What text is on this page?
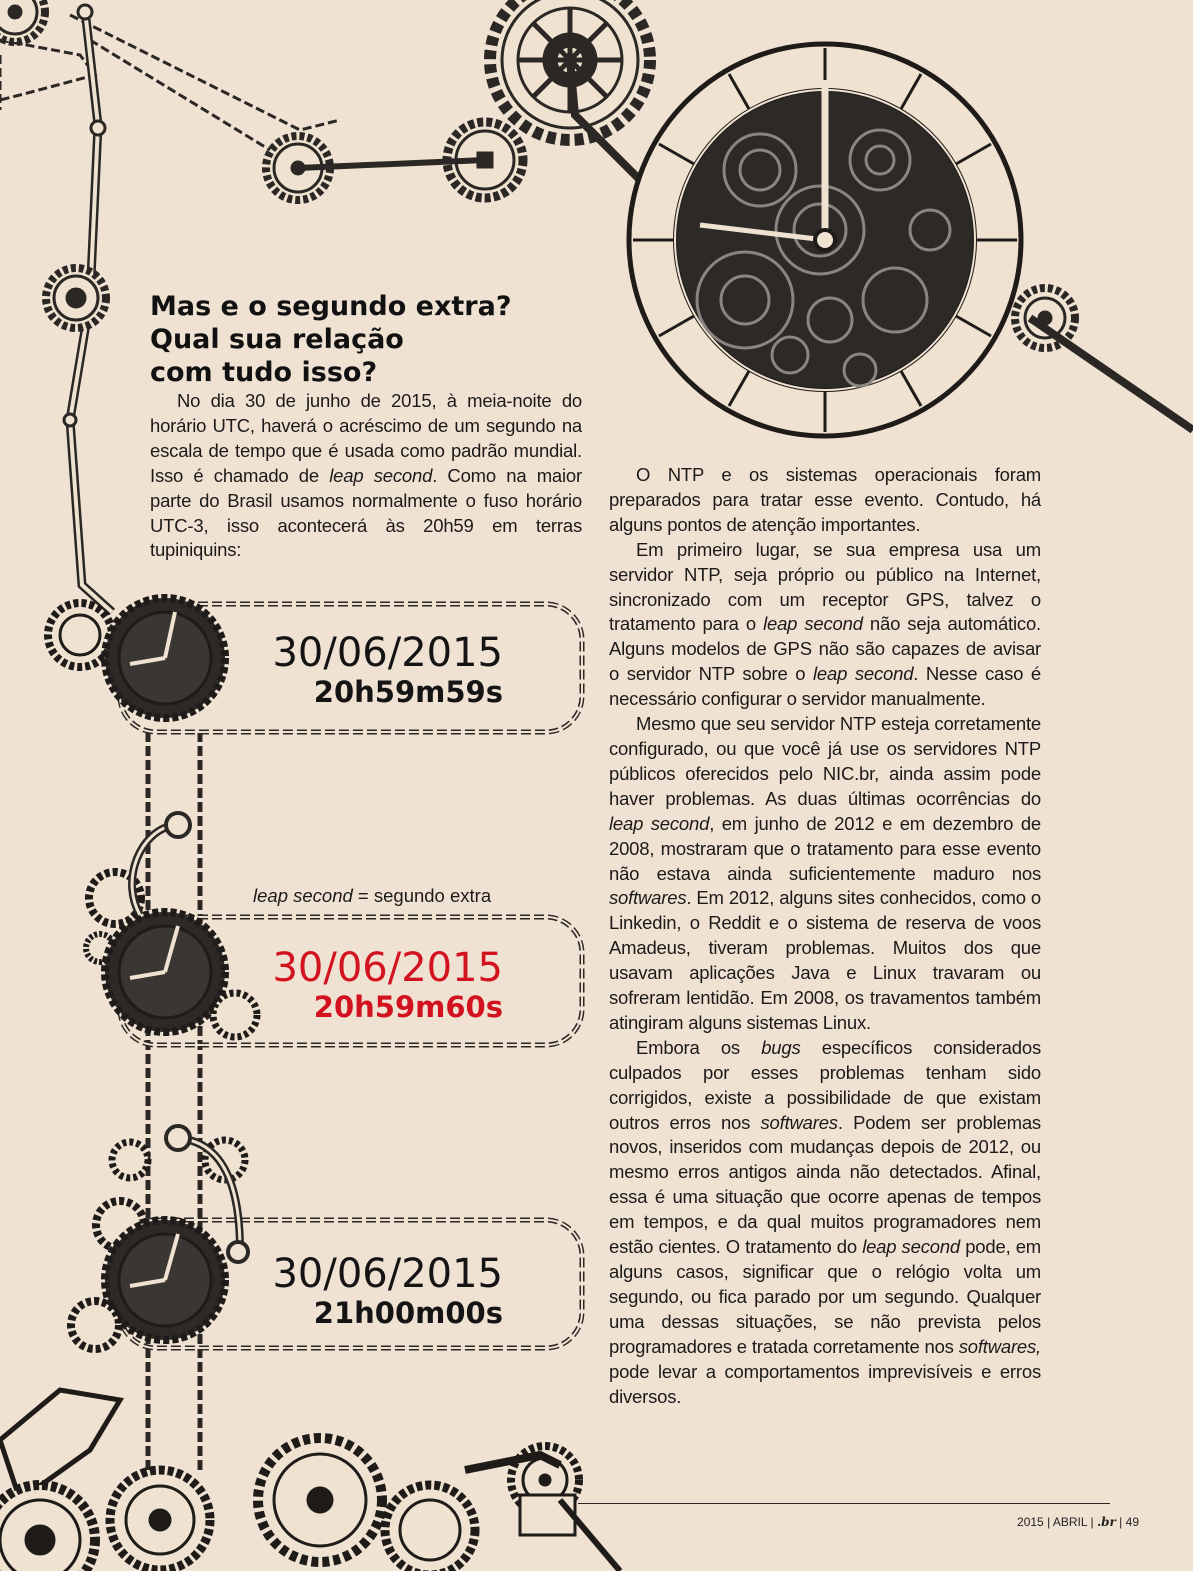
Mas e o segundo extra?
Qual sua relação
com tudo isso?

No dia 30 de junho de 2015, à meia-noite do horário UTC, haverá o acréscimo de um segundo na escala de tempo que é usada como padrão mundial. Isso é chamado de leap second. Como na maior parte do Brasil usamos normalmente o fuso horário UTC-3, isso acontecerá às 20h59 em terras tupiniquins:

30/06/2015
20h59m59s
leap second = segundo extra
30/06/2015
20h59m60s
30/06/2015
21h00m00s

O NTP e os sistemas operacionais foram preparados para tratar esse evento. Contudo, há alguns pontos de atenção importantes.

Em primeiro lugar, se sua empresa usa um servidor NTP, seja próprio ou público na Internet, sincronizado com um receptor GPS, talvez o tratamento para o leap second não seja automático. Alguns modelos de GPS não são capazes de avisar o servidor NTP sobre o leap second. Nesse caso é necessário configurar o servidor manualmente.

Mesmo que seu servidor NTP esteja corretamente configurado, ou que você já use os servidores NTP públicos oferecidos pelo NIC.br, ainda assim pode haver problemas. As duas últimas ocorrências do leap second, em junho de 2012 e em dezembro de 2008, mostraram que o tratamento para esse evento não estava ainda suficientemente maduro nos softwares. Em 2012, alguns sites conhecidos, como o Linkedin, o Reddit e o sistema de reserva de voos Amadeus, tiveram problemas. Muitos dos que usavam aplicações Java e Linux travaram ou sofreram lentidão. Em 2008, os travamentos também atingiram alguns sistemas Linux.

Embora os bugs específicos considerados culpados por esses problemas tenham sido corrigidos, existe a possibilidade de que existam outros erros nos softwares. Podem ser problemas novos, inseridos com mudanças depois de 2012, ou mesmo erros antigos ainda não detectados. Afinal, essa é uma situação que ocorre apenas de tempos em tempos, e da qual muitos programadores nem estão cientes. O tratamento do leap second pode, em alguns casos, significar que o relógio volta um segundo, ou fica parado por um segundo. Qualquer uma dessas situações, se não prevista pelos programadores e tratada corretamente nos softwares, pode levar a comportamentos imprevisíveis e erros diversos.

2015 | ABRIL | .br | 49
